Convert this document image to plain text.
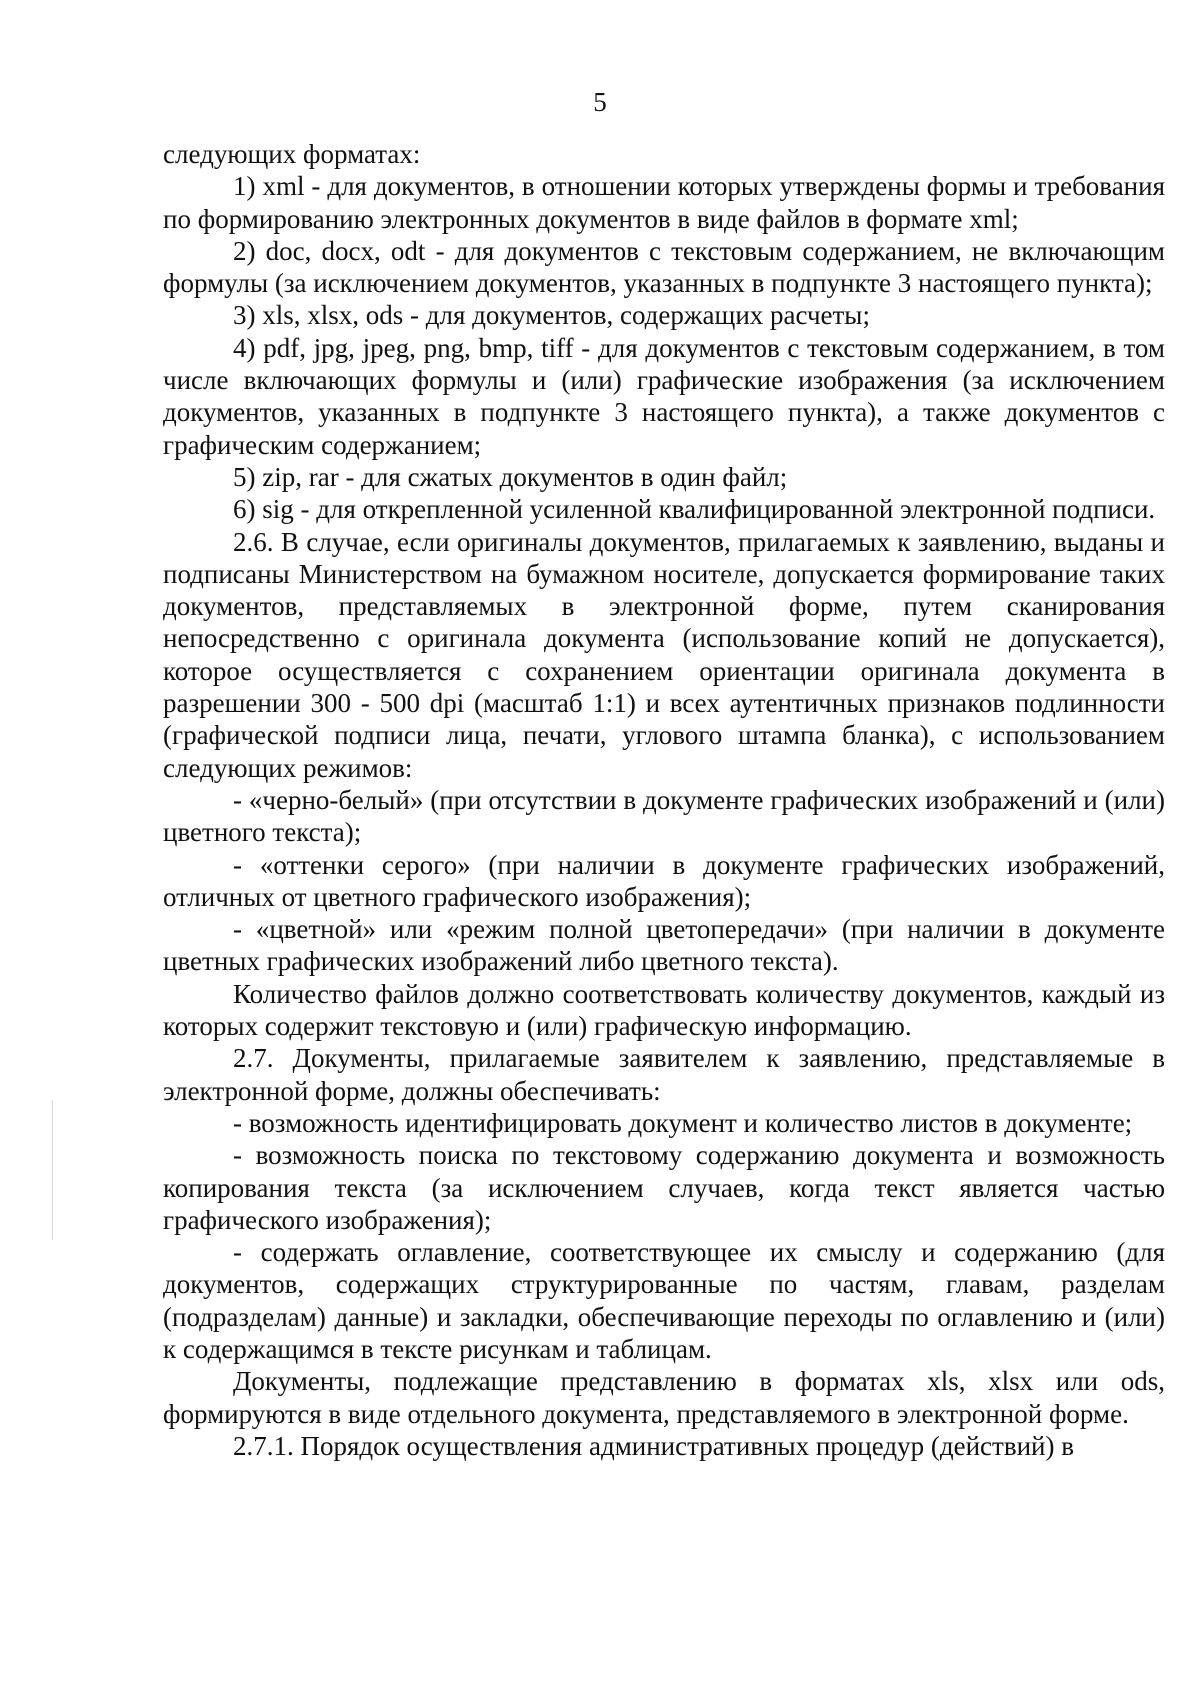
5

следующих форматах:

1) xml - для документов, в отношении которых утверждены формы и требования по формированию электронных документов в виде файлов в формате xml;

2) doc, docx, odt - для документов с текстовым содержанием, не включающим формулы (за исключением документов, указанных в подпункте 3 настоящего пункта);

3) xls, xlsx, ods - для документов, содержащих расчеты;

4) pdf, jpg, jpeg, png, bmp, tiff - для документов с текстовым содержанием, в том числе включающих формулы и (или) графические изображения (за исключением документов, указанных в подпункте 3 настоящего пункта), а также документов с графическим содержанием;

5) zip, rar - для сжатых документов в один файл;

6) sig - для открепленной усиленной квалифицированной электронной подписи.

2.6. В случае, если оригиналы документов, прилагаемых к заявлению, выданы и подписаны Министерством на бумажном носителе, допускается формирование таких документов, представляемых в электронной форме, путем сканирования непосредственно с оригинала документа (использование копий не допускается), которое осуществляется с сохранением ориентации оригинала документа в разрешении 300 - 500 dpi (масштаб 1:1) и всех аутентичных признаков подлинности (графической подписи лица, печати, углового штампа бланка), с использованием следующих режимов:

- «черно-белый» (при отсутствии в документе графических изображений и (или) цветного текста);

- «оттенки серого» (при наличии в документе графических изображений, отличных от цветного графического изображения);

- «цветной» или «режим полной цветопередачи» (при наличии в документе цветных графических изображений либо цветного текста).

Количество файлов должно соответствовать количеству документов, каждый из которых содержит текстовую и (или) графическую информацию.

2.7. Документы, прилагаемые заявителем к заявлению, представляемые в электронной форме, должны обеспечивать:

- возможность идентифицировать документ и количество листов в документе;

- возможность поиска по текстовому содержанию документа и возможность копирования текста (за исключением случаев, когда текст является частью графического изображения);

- содержать оглавление, соответствующее их смыслу и содержанию (для документов, содержащих структурированные по частям, главам, разделам (подразделам) данные) и закладки, обеспечивающие переходы по оглавлению и (или) к содержащимся в тексте рисункам и таблицам.

Документы, подлежащие представлению в форматах xls, xlsx или ods, формируются в виде отдельного документа, представляемого в электронной форме.

2.7.1. Порядок осуществления административных процедур (действий) в
